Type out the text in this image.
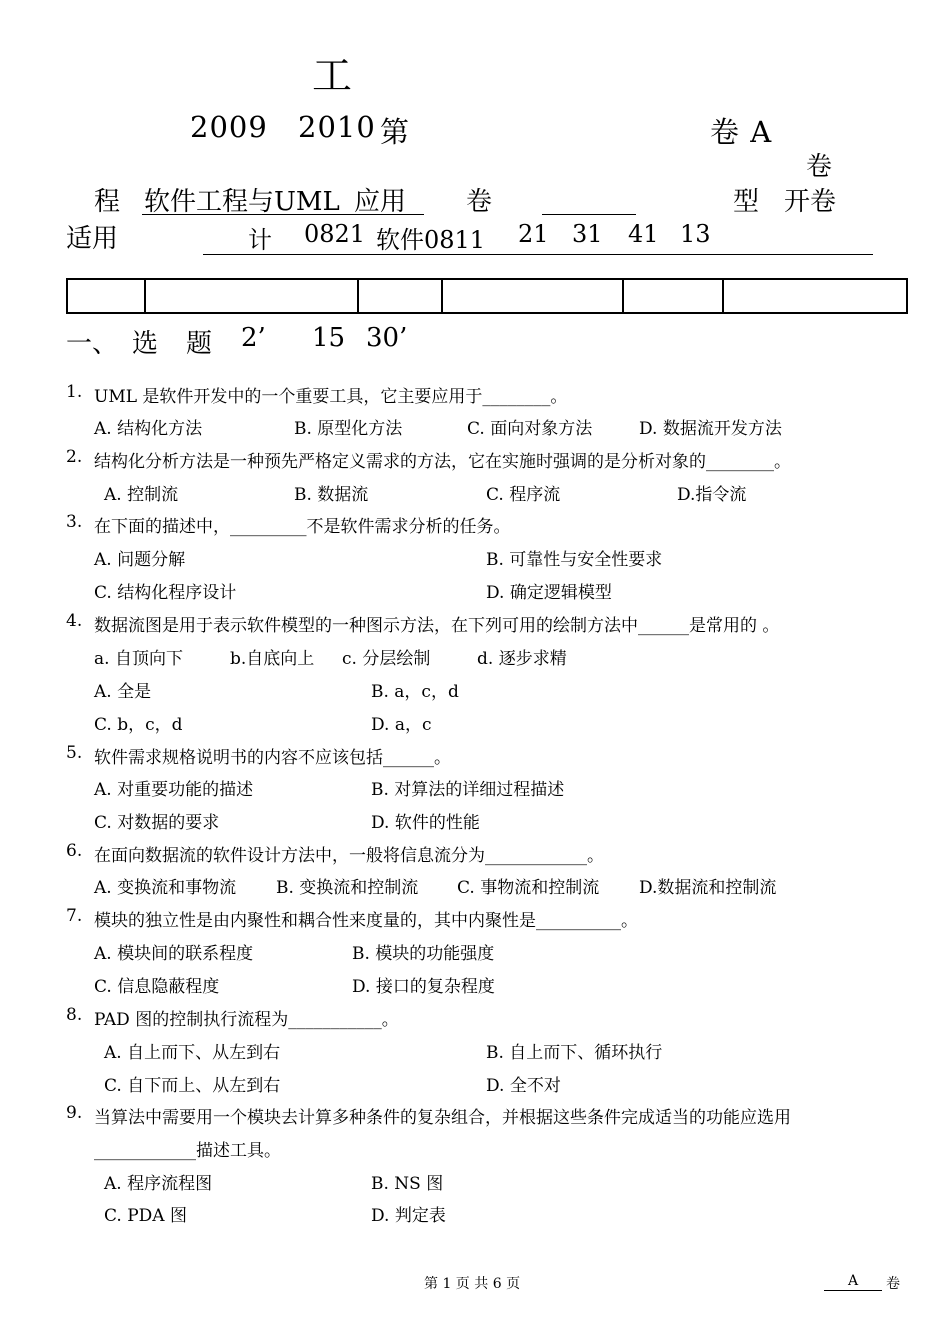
工
2009 2010 第	卷 A
卷
程 软件工程与UML 应用 卷	型 开卷
适用	计 0821 软件0811 21 31 41 13

一、 选 题 2’ 15 30’
1. UML 是软件开发中的一个重要工具，它主要应用于________。
A. 结构化方法	B. 原型化方法	C. 面向对象方法	D. 数据流开发方法
2. 结构化分析方法是一种预先严格定义需求的方法，它在实施时强调的是分析对象的________。
A. 控制流	B. 数据流	C. 程序流	D.指令流
3. 在下面的描述中，_________不是软件需求分析的任务。
A. 问题分解	B. 可靠性与安全性要求
C. 结构化程序设计	D. 确定逻辑模型
4. 数据流图是用于表示软件模型的一种图示方法，在下列可用的绘制方法中______是常用的 。
a. 自顶向下	b.自底向上 c. 分层绘制	d. 逐步求精
A. 全是	B. a，c，d
C. b，c，d	D. a，c
5. 软件需求规格说明书的内容不应该包括______。
A. 对重要功能的描述	B. 对算法的详细过程描述
C. 对数据的要求	D. 软件的性能
6. 在面向数据流的软件设计方法中，一般将信息流分为____________。
A. 变换流和事物流 B. 变换流和控制流 C. 事物流和控制流 D.数据流和控制流
7. 模块的独立性是由内聚性和耦合性来度量的，其中内聚性是__________。
A. 模块间的联系程度	B. 模块的功能强度
C. 信息隐蔽程度	D. 接口的复杂程度
8. PAD 图的控制执行流程为___________。
A. 自上而下、从左到右	B. 自上而下、循环执行
C. 自下而上、从左到右	D. 全不对
9. 当算法中需要用一个模块去计算多种条件的复杂组合，并根据这些条件完成适当的功能应选用
____________描述工具。
A. 程序流程图	B. NS 图
C. PDA 图	D. 判定表
第 1 页 共 6 页	A 卷
